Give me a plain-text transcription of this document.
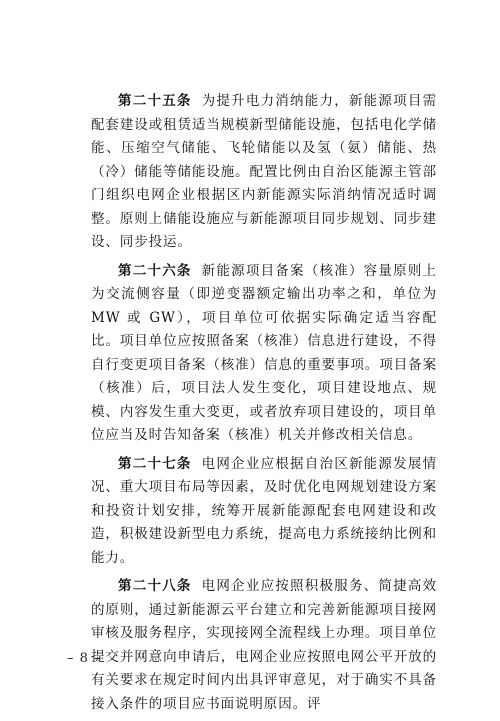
第二十五条 为提升电力消纳能力，新能源项目需配套建设或租赁适当规模新型储能设施，包括电化学储能、压缩空气储能、飞轮储能以及氢（氨）储能、热（冷）储能等储能设施。配置比例由自治区能源主管部门组织电网企业根据区内新能源实际消纳情况适时调整。原则上储能设施应与新能源项目同步规划、同步建设、同步投运。

第二十六条 新能源项目备案（核准）容量原则上为交流侧容量（即逆变器额定输出功率之和，单位为 MW 或 GW），项目单位可依据实际确定适当容配比。项目单位应按照备案（核准）信息进行建设，不得自行变更项目备案（核准）信息的重要事项。项目备案（核准）后，项目法人发生变化，项目建设地点、规模、内容发生重大变更，或者放弃项目建设的，项目单位应当及时告知备案（核准）机关并修改相关信息。

第二十七条 电网企业应根据自治区新能源发展情况、重大项目布局等因素，及时优化电网规划建设方案和投资计划安排，统筹开展新能源配套电网建设和改造，积极建设新型电力系统，提高电力系统接纳比例和能力。

第二十八条 电网企业应按照积极服务、简捷高效的原则，通过新能源云平台建立和完善新能源项目接网审核及服务程序，实现接网全流程线上办理。项目单位提交并网意向申请后，电网企业应按照电网公平开放的有关要求在规定时间内出具评审意见，对于确实不具备接入条件的项目应书面说明原因。评

– 8 –
